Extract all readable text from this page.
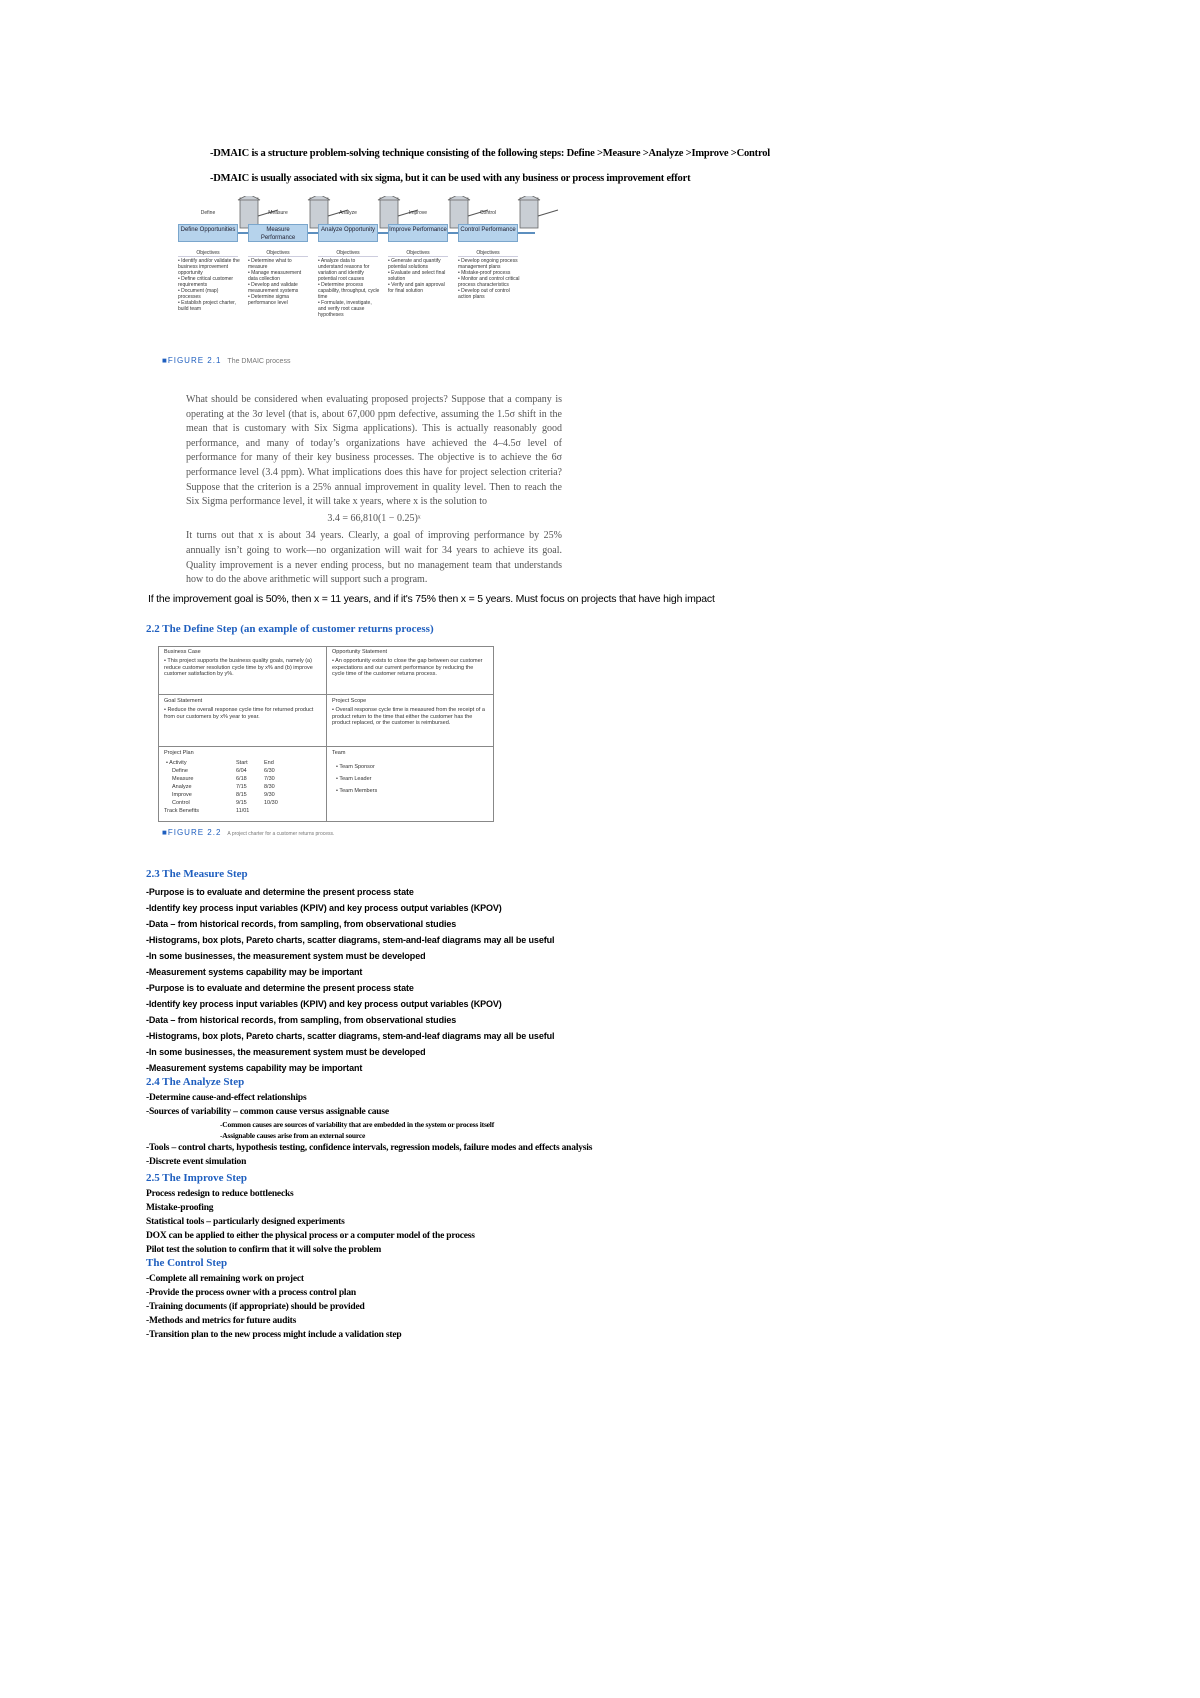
-DMAIC is a structure problem-solving technique consisting of the following steps: Define >Measure >Analyze >Improve >Control
-DMAIC is usually associated with six sigma, but it can be used with any business or process improvement effort
Define	Measure	Analyze	Improve	Control
Define Opportunities	Measure Performance
Analyze Opportunity	Improve Performance	Control Performance
Objectives	Objectives	Objectives	Objectives	Objectives
• Identify and/or validate the business improvement opportunity
• Define critical customer requirements
• Document (map) processes
• Establish project charter, build team
• Determine what to measure
• Manage measurement data collection
• Develop and validate measurement systems
• Determine sigma performance level
• Analyze data to understand reasons for variation and identify potential root causes
• Determine process capability, throughput, cycle time
• Formulate, investigate, and verify root cause hypotheses
• Generate and quantify potential solutions
• Evaluate and select final solution
• Verify and gain approval for final solution
• Develop ongoing process management plans
• Mistake-proof process
• Monitor and control critical process characteristics
• Develop out of control action plans
■FIGURE 2.1 The DMAIC process

What should be considered when evaluating proposed projects? Suppose that a company is operating at the 3σ level (that is, about 67,000 ppm defective, assuming the 1.5σ shift in the mean that is customary with Six Sigma applications). This is actually reasonably good performance, and many of today’s organizations have achieved the 4–4.5σ level of performance for many of their key business processes. The objective is to achieve the 6σ performance level (3.4 ppm). What implications does this have for project selection criteria? Suppose that the criterion is a 25% annual improvement in quality level. Then to reach the Six Sigma performance level, it will take x years, where x is the solution to

3.4 = 66,810(1 − 0.25)ˣ

It turns out that x is about 34 years. Clearly, a goal of improving performance by 25% annually isn’t going to work—no organization will wait for 34 years to achieve its goal. Quality improvement is a never ending process, but no management team that understands how to do the above arithmetic will support such a program.

If the improvement goal is 50%, then x = 11 years, and if it's 75% then x = 5 years. Must focus on projects that have high impact
2.2 The Define Step (an example of customer returns process)
Business Case
• This project supports the business quality goals, namely (a) reduce customer resolution cycle time by x% and (b) improve customer satisfaction by y%.
Opportunity Statement
• An opportunity exists to close the gap between our customer expectations and our current performance by reducing the cycle time of the customer returns process.
Goal Statement
• Reduce the overall response cycle time for returned product from our customers by x% year to year.
Project Scope
• Overall response cycle time is measured from the receipt of a product return to the time that either the customer has the product replaced, or the customer is reimbursed.
Project Plan
• Activity	Start	End
Define	6/04	6/30
Measure	6/18	7/30
Analyze	7/15	8/30
Improve	8/15	9/30
Control	9/15	10/30
Track Benefits	11/01
Team
• Team Sponsor
• Team Leader
• Team Members
■FIGURE 2.2 A project charter for a customer returns process.
2.3 The Measure Step
-Purpose is to evaluate and determine the present process state
-Identify key process input variables (KPIV) and key process output variables (KPOV)
-Data – from historical records, from sampling, from observational studies
-Histograms, box plots, Pareto charts, scatter diagrams, stem-and-leaf diagrams may all be useful
-In some businesses, the measurement system must be developed
-Measurement systems capability may be important
-Purpose is to evaluate and determine the present process state
-Identify key process input variables (KPIV) and key process output variables (KPOV)
-Data – from historical records, from sampling, from observational studies
-Histograms, box plots, Pareto charts, scatter diagrams, stem-and-leaf diagrams may all be useful
-In some businesses, the measurement system must be developed
-Measurement systems capability may be important
2.4 The Analyze Step
-Determine cause-and-effect relationships
-Sources of variability – common cause versus assignable cause
-Common causes are sources of variability that are embedded in the system or process itself
-Assignable causes arise from an external source
-Tools – control charts, hypothesis testing, confidence intervals, regression models, failure modes and effects analysis
-Discrete event simulation
2.5 The Improve Step
Process redesign to reduce bottlenecks
Mistake-proofing
Statistical tools – particularly designed experiments
DOX can be applied to either the physical process or a computer model of the process
Pilot test the solution to confirm that it will solve the problem
The Control Step
-Complete all remaining work on project
-Provide the process owner with a process control plan
-Training documents (if appropriate) should be provided
-Methods and metrics for future audits
-Transition plan to the new process might include a validation step
